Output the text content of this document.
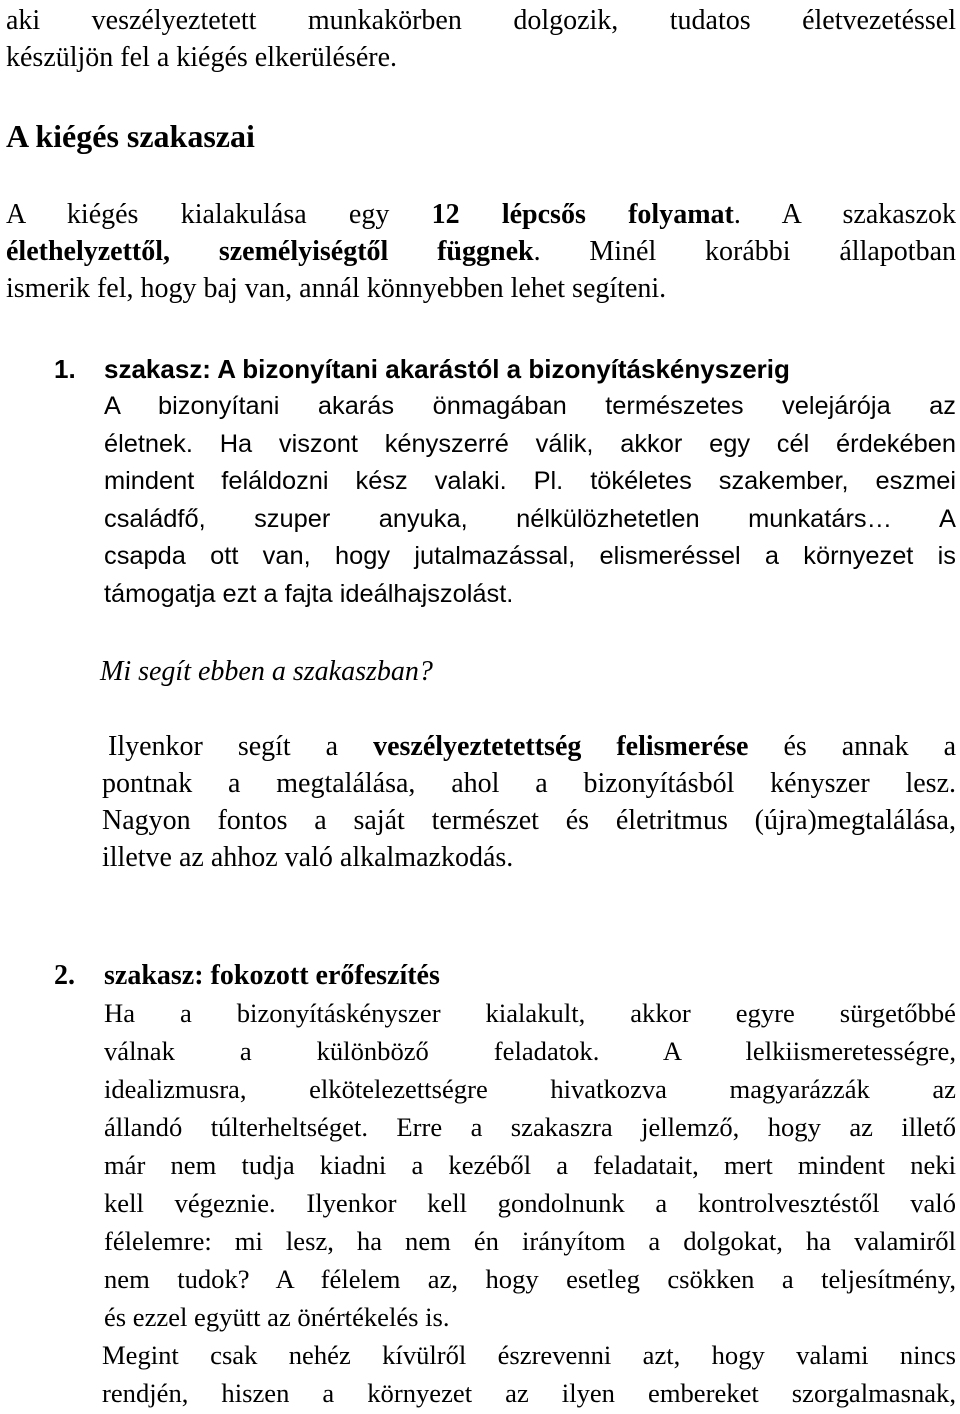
aki veszélyeztetett munkakörben dolgozik, tudatos életvezetéssel
készüljön fel a kiégés elkerülésére.
A kiégés szakaszai
A kiégés kialakulása egy 12 lépcsős folyamat. A szakaszok
élethelyzettől, személyiségtől függnek. Minél korábbi állapotban
ismerik fel, hogy baj van, annál könnyebben lehet segíteni.
1. szakasz: A bizonyítani akarástól a bizonyításkényszerig
A bizonyítani akarás önmagában természetes velejárója az
életnek. Ha viszont kényszerré válik, akkor egy cél érdekében
mindent feláldozni kész valaki. Pl. tökéletes szakember, eszmei
családfő, szuper anyuka, nélkülözhetetlen munkatárs… A
csapda ott van, hogy jutalmazással, elismeréssel a környezet is
támogatja ezt a fajta ideálhajszolást.
Mi segít ebben a szakaszban?
Ilyenkor segít a veszélyeztetettség felismerése és annak a
pontnak a megtalálása, ahol a bizonyításból kényszer lesz.
Nagyon fontos a saját természet és életritmus (újra)megtalálása,
illetve az ahhoz való alkalmazkodás.
2. szakasz: fokozott erőfeszítés
Ha a bizonyításkényszer kialakult, akkor egyre sürgetőbbé
válnak a különböző feladatok. A lelkiismeretességre,
idealizmusra, elkötelezettségre hivatkozva magyarázzák az
állandó túlterheltséget. Erre a szakaszra jellemző, hogy az illető
már nem tudja kiadni a kezéből a feladatait, mert mindent neki
kell végeznie. Ilyenkor kell gondolnunk a kontrolvesztéstől való
félelemre: mi lesz, ha nem én irányítom a dolgokat, ha valamiről
nem tudok? A félelem az, hogy esetleg csökken a teljesítmény,
és ezzel együtt az önértékelés is.
Megint csak nehéz kívülről észrevenni azt, hogy valami nincs
rendjén, hiszen a környezet az ilyen embereket szorgalmasnak,
